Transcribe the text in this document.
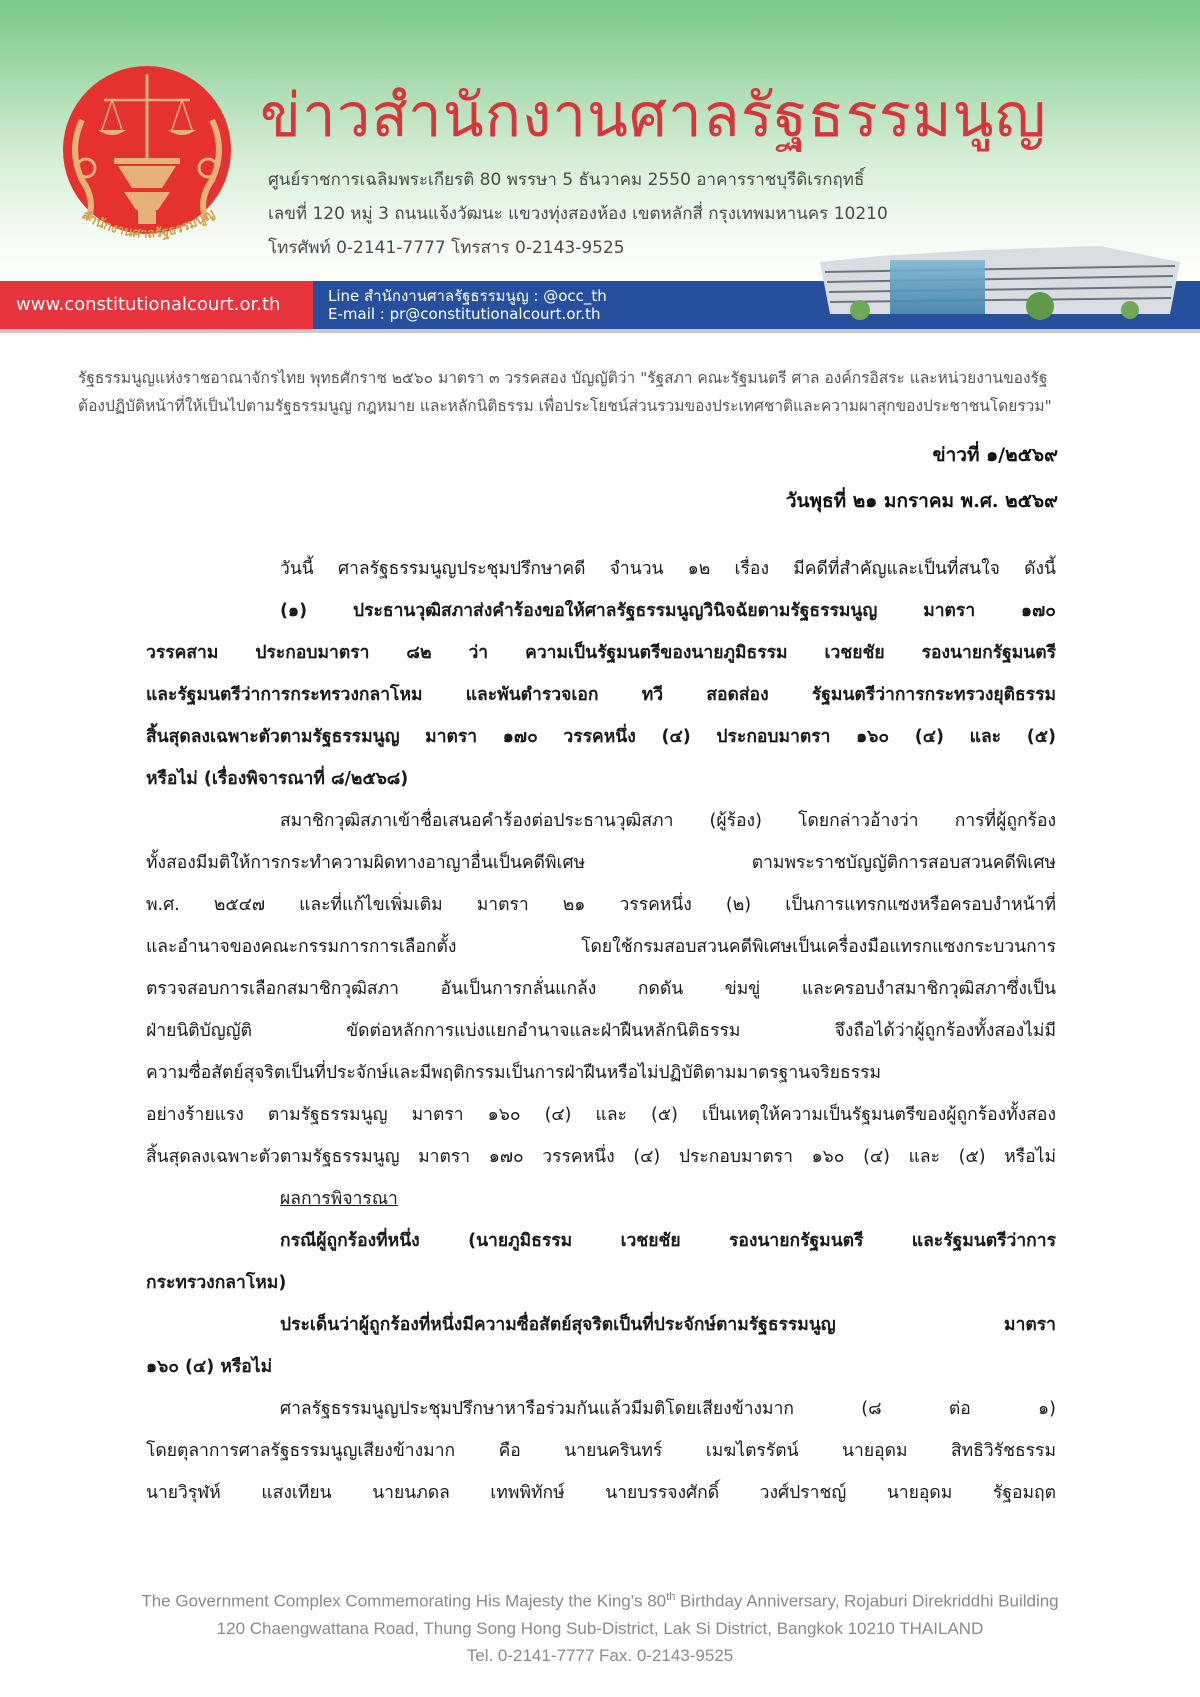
สำนักงานศาลรัฐธรรมนูญ
ข่าวสำนักงานศาลรัฐธรรมนูญ
ศูนย์ราชการเฉลิมพระเกียรติ 80 พรรษา 5 ธันวาคม 2550 อาคารราชบุรีดิเรกฤทธิ์
เลขที่ 120 หมู่ 3 ถนนแจ้งวัฒนะ แขวงทุ่งสองห้อง เขตหลักสี่ กรุงเทพมหานคร 10210
โทรศัพท์ 0-2141-7777 โทรสาร 0-2143-9525
www.constitutionalcourt.or.th	Line สำนักงานศาลรัฐธรรมนูญ : @occ_th
E-mail : pr@constitutionalcourt.or.th
รัฐธรรมนูญแห่งราชอาณาจักรไทย พุทธศักราช ๒๕๖๐ มาตรา ๓ วรรคสอง บัญญัติว่า "รัฐสภา คณะรัฐมนตรี ศาล องค์กรอิสระ และหน่วยงานของรัฐ
ต้องปฏิบัติหน้าที่ให้เป็นไปตามรัฐธรรมนูญ กฎหมาย และหลักนิติธรรม เพื่อประโยชน์ส่วนรวมของประเทศชาติและความผาสุกของประชาชนโดยรวม"
ข่าวที่ ๑/๒๕๖๙
วันพุธที่ ๒๑ มกราคม พ.ศ. ๒๕๖๙
วันนี้ ศาลรัฐธรรมนูญประชุมปรึกษาคดี จำนวน ๑๒ เรื่อง มีคดีที่สำคัญและเป็นที่สนใจ ดังนี้
(๑) ประธานวุฒิสภาส่งคำร้องขอให้ศาลรัฐธรรมนูญวินิจฉัยตามรัฐธรรมนูญ มาตรา ๑๗๐
วรรคสาม ประกอบมาตรา ๘๒ ว่า ความเป็นรัฐมนตรีของนายภูมิธรรม เวชยชัย รองนายกรัฐมนตรี
และรัฐมนตรีว่าการกระทรวงกลาโหม และพันตำรวจเอก ทวี สอดส่อง รัฐมนตรีว่าการกระทรวงยุติธรรม
สิ้นสุดลงเฉพาะตัวตามรัฐธรรมนูญ มาตรา ๑๗๐ วรรคหนึ่ง (๔) ประกอบมาตรา ๑๖๐ (๔) และ (๕)
หรือไม่ (เรื่องพิจารณาที่ ๘/๒๕๖๘)
สมาชิกวุฒิสภาเข้าชื่อเสนอคำร้องต่อประธานวุฒิสภา (ผู้ร้อง) โดยกล่าวอ้างว่า การที่ผู้ถูกร้อง
ทั้งสองมีมติให้การกระทำความผิดทางอาญาอื่นเป็นคดีพิเศษ ตามพระราชบัญญัติการสอบสวนคดีพิเศษ
พ.ศ. ๒๕๔๗ และที่แก้ไขเพิ่มเติม มาตรา ๒๑ วรรคหนึ่ง (๒) เป็นการแทรกแซงหรือครอบงำหน้าที่
และอำนาจของคณะกรรมการการเลือกตั้ง โดยใช้กรมสอบสวนคดีพิเศษเป็นเครื่องมือแทรกแซงกระบวนการ
ตรวจสอบการเลือกสมาชิกวุฒิสภา อันเป็นการกลั่นแกล้ง กดดัน ข่มขู่ และครอบงำสมาชิกวุฒิสภาซึ่งเป็น
ฝ่ายนิติบัญญัติ ขัดต่อหลักการแบ่งแยกอำนาจและฝ่าฝืนหลักนิติธรรม จึงถือได้ว่าผู้ถูกร้องทั้งสองไม่มี
ความซื่อสัตย์สุจริตเป็นที่ประจักษ์และมีพฤติกรรมเป็นการฝ่าฝืนหรือไม่ปฏิบัติตามมาตรฐานจริยธรรม
อย่างร้ายแรง ตามรัฐธรรมนูญ มาตรา ๑๖๐ (๔) และ (๕) เป็นเหตุให้ความเป็นรัฐมนตรีของผู้ถูกร้องทั้งสอง
สิ้นสุดลงเฉพาะตัวตามรัฐธรรมนูญ มาตรา ๑๗๐ วรรคหนึ่ง (๔) ประกอบมาตรา ๑๖๐ (๔) และ (๕) หรือไม่
ผลการพิจารณา
กรณีผู้ถูกร้องที่หนึ่ง (นายภูมิธรรม เวชยชัย รองนายกรัฐมนตรี และรัฐมนตรีว่าการ
กระทรวงกลาโหม)
ประเด็นว่าผู้ถูกร้องที่หนึ่งมีความซื่อสัตย์สุจริตเป็นที่ประจักษ์ตามรัฐธรรมนูญ มาตรา
๑๖๐ (๔) หรือไม่
ศาลรัฐธรรมนูญประชุมปรึกษาหารือร่วมกันแล้วมีมติโดยเสียงข้างมาก (๘ ต่อ ๑)
โดยตุลาการศาลรัฐธรรมนูญเสียงข้างมาก คือ นายนครินทร์ เมฆไตรรัตน์ นายอุดม สิทธิวิรัชธรรม
นายวิรุฬห์ แสงเทียน นายนภดล เทพพิทักษ์ นายบรรจงศักดิ์ วงศ์ปราชญ์ นายอุดม รัฐอมฤต
The Government Complex Commemorating His Majesty the King's 80th Birthday Anniversary, Rojaburi Direkriddhi Building
120 Chaengwattana Road, Thung Song Hong Sub-District, Lak Si District, Bangkok 10210 THAILAND
Tel. 0-2141-7777 Fax. 0-2143-9525
